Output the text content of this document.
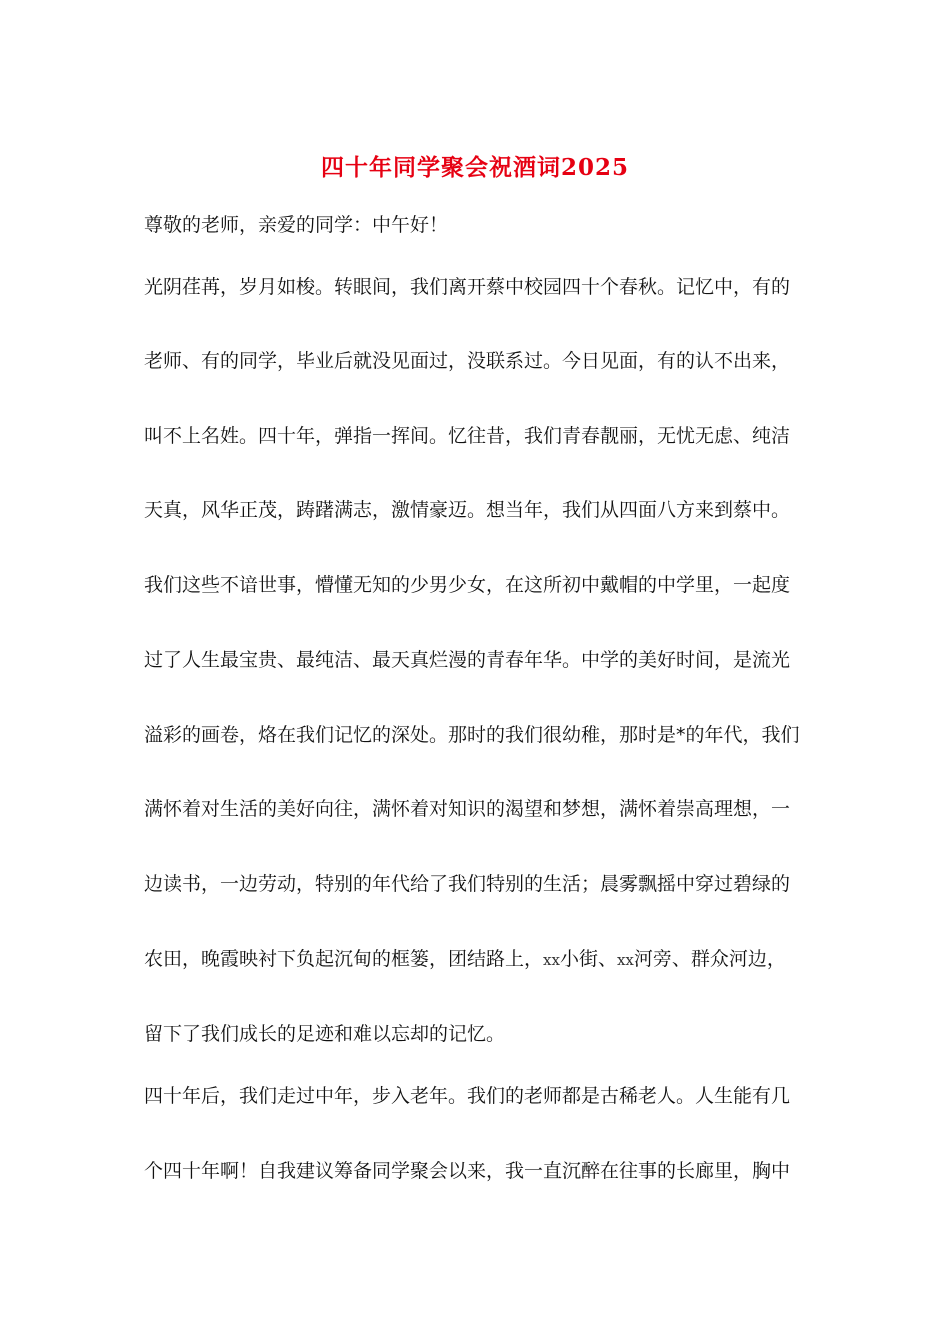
四十年同学聚会祝酒词2025
尊敬的老师，亲爱的同学：中午好！
光阴荏苒，岁月如梭。转眼间，我们离开蔡中校园四十个春秋。记忆中，有的
老师、有的同学，毕业后就没见面过，没联系过。今日见面，有的认不出来，
叫不上名姓。四十年，弹指一挥间。忆往昔，我们青春靓丽，无忧无虑、纯洁
天真，风华正茂，踌躇满志，激情豪迈。想当年，我们从四面八方来到蔡中。
我们这些不谙世事，懵懂无知的少男少女，在这所初中戴帽的中学里，一起度
过了人生最宝贵、最纯洁、最天真烂漫的青春年华。中学的美好时间，是流光
溢彩的画卷，烙在我们记忆的深处。那时的我们很幼稚，那时是*的年代，我们
满怀着对生活的美好向往，满怀着对知识的渴望和梦想，满怀着崇高理想，一
边读书，一边劳动，特别的年代给了我们特别的生活；晨雾飘摇中穿过碧绿的
农田，晚霞映衬下负起沉甸的框篓，团结路上，xx小街、xx河旁、群众河边，
留下了我们成长的足迹和难以忘却的记忆。
四十年后，我们走过中年，步入老年。我们的老师都是古稀老人。人生能有几
个四十年啊！自我建议筹备同学聚会以来，我一直沉醉在往事的长廊里，胸中
